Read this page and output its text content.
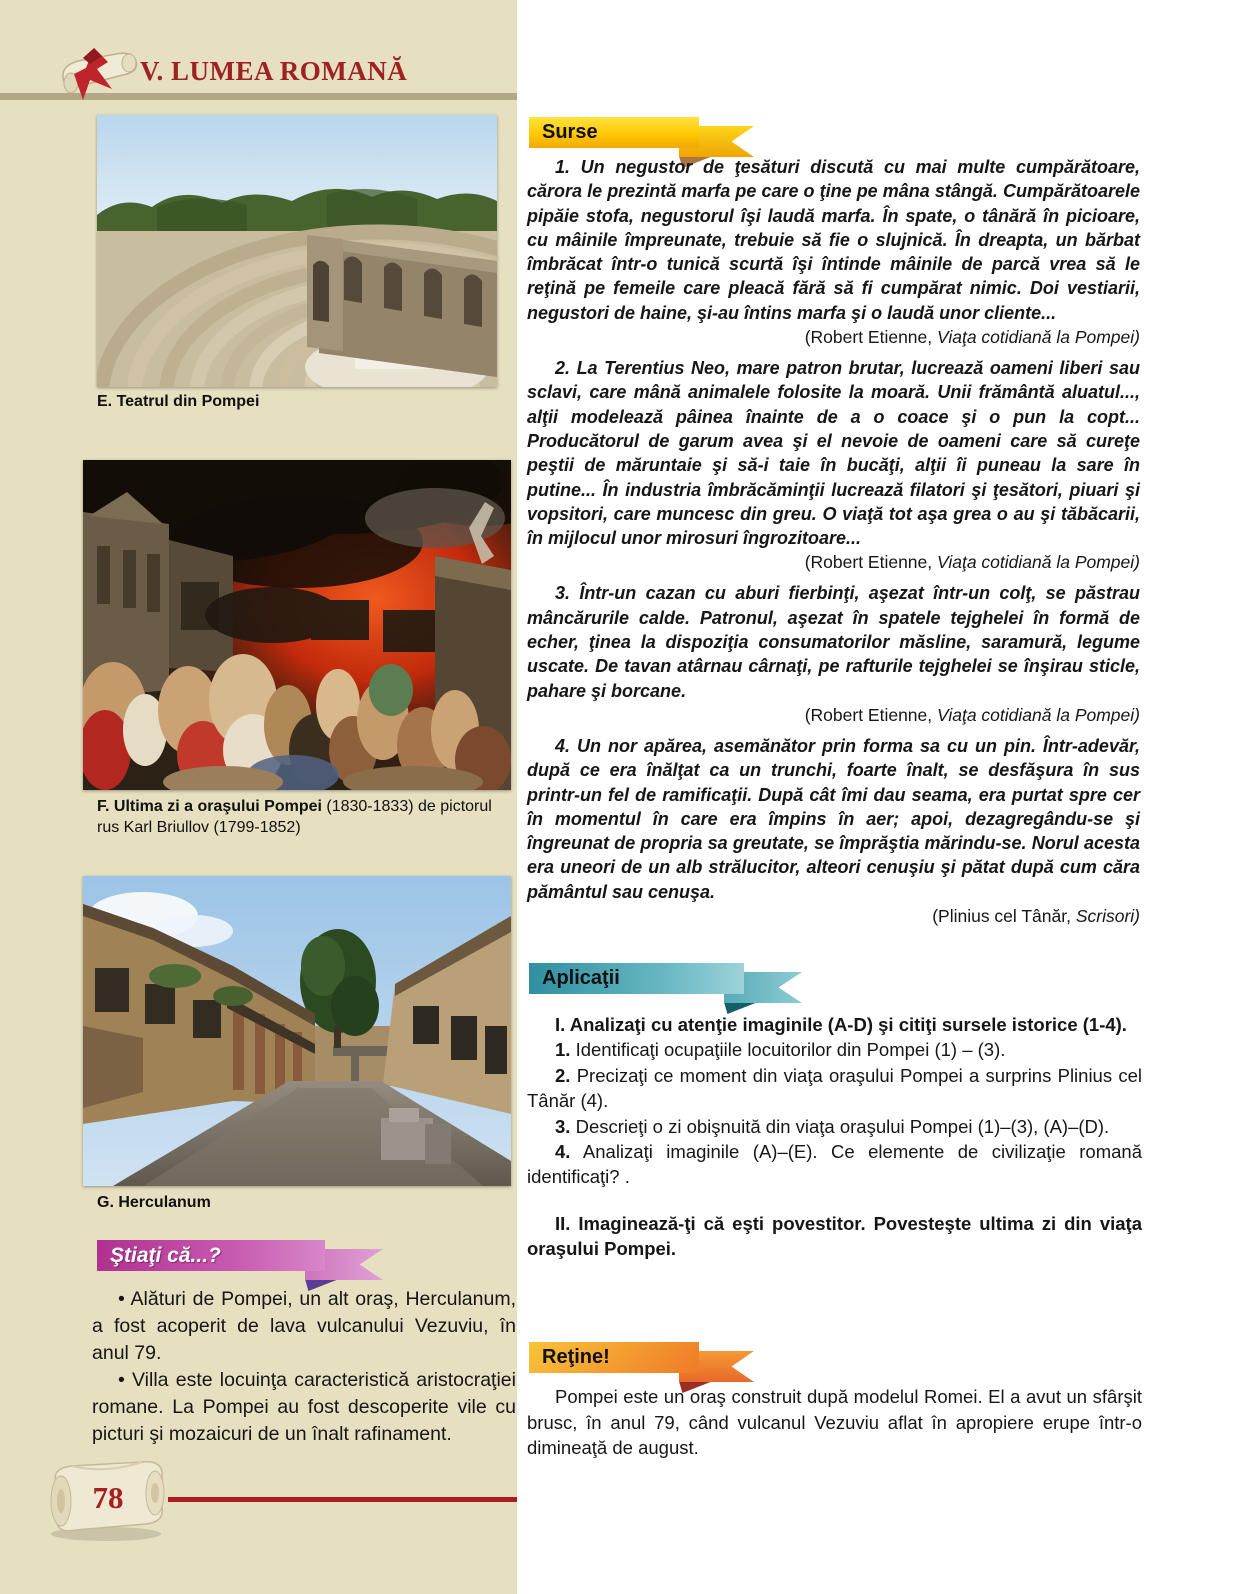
V. LUMEA ROMANĂ
E. Teatrul din Pompei
F. Ultima zi a oraşului Pompei (1830-1833) de pictorul rus Karl Briullov (1799-1852)
G. Herculanum
Ştiaţi că...?

• Alături de Pompei, un alt oraş, Herculanum, a fost acoperit de lava vulcanului Vezuviu, în anul 79.

• Villa este locuinţa caracteristică aristocraţiei romane. La Pompei au fost descoperite vile cu picturi şi mozaicuri de un înalt rafinament.

78
Surse

1. Un negustor de ţesături discută cu mai multe cumpărătoare, cărora le prezintă marfa pe care o ţine pe mâna stângă. Cumpărătoarele pipăie stofa, negustorul îşi laudă marfa. În spate, o tânără în picioare, cu mâinile împreunate, trebuie să fie o slujnică. În dreapta, un bărbat îmbrăcat într-o tunică scurtă îşi întinde mâinile de parcă vrea să le reţină pe femeile care pleacă fără să fi cumpărat nimic. Doi vestiarii, negustori de haine, şi-au întins marfa şi o laudă unor cliente...

(Robert Etienne, Viaţa cotidiană la Pompei)

2. La Terentius Neo, mare patron brutar, lucrează oameni liberi sau sclavi, care mână animalele folosite la moară. Unii frământă aluatul..., alţii modelează pâinea înainte de a o coace şi o pun la copt... Producătorul de garum avea şi el nevoie de oameni care să cureţe peştii de măruntaie şi să-i taie în bucăţi, alţii îi puneau la sare în putine... În industria îmbrăcăminţii lucrează filatori şi ţesători, piuari şi vopsitori, care muncesc din greu. O viaţă tot aşa grea o au şi tăbăcarii, în mijlocul unor mirosuri îngrozitoare...

(Robert Etienne, Viaţa cotidiană la Pompei)

3. Într-un cazan cu aburi fierbinţi, aşezat într-un colţ, se păstrau mâncărurile calde. Patronul, aşezat în spatele tejghelei în formă de echer, ţinea la dispoziţia consumatorilor măsline, saramură, legume uscate. De tavan atârnau cârnaţi, pe rafturile tejghelei se înşirau sticle, pahare şi borcane.

(Robert Etienne, Viaţa cotidiană la Pompei)

4. Un nor apărea, asemănător prin forma sa cu un pin. Într-adevăr, după ce era înălţat ca un trunchi, foarte înalt, se desfăşura în sus printr-un fel de ramificaţii. După cât îmi dau seama, era purtat spre cer în momentul în care era împins în aer; apoi, dezagregându-se şi îngreunat de propria sa greutate, se împrăştia mărindu-se. Norul acesta era uneori de un alb strălucitor, alteori cenuşiu şi pătat după cum căra pământul sau cenuşa.

(Plinius cel Tânăr, Scrisori)

Aplicaţii

I. Analizaţi cu atenţie imaginile (A-D) şi citiţi sursele istorice (1-4).

1. Identificaţi ocupaţiile locuitorilor din Pompei (1) – (3).

2. Precizaţi ce moment din viaţa oraşului Pompei a surprins Plinius cel Tânăr (4).

3. Descrieţi o zi obişnuită din viaţa oraşului Pompei (1)–(3), (A)–(D).

4. Analizaţi imaginile (A)–(E). Ce elemente de civilizaţie romană identificaţi? .

II. Imaginează-ţi că eşti povestitor. Povesteşte ultima zi din viaţa oraşului Pompei.

Reţine!

Pompei este un oraş construit după modelul Romei. El a avut un sfârşit brusc, în anul 79, când vulcanul Vezuviu aflat în apropiere erupe într-o dimineaţă de august.
